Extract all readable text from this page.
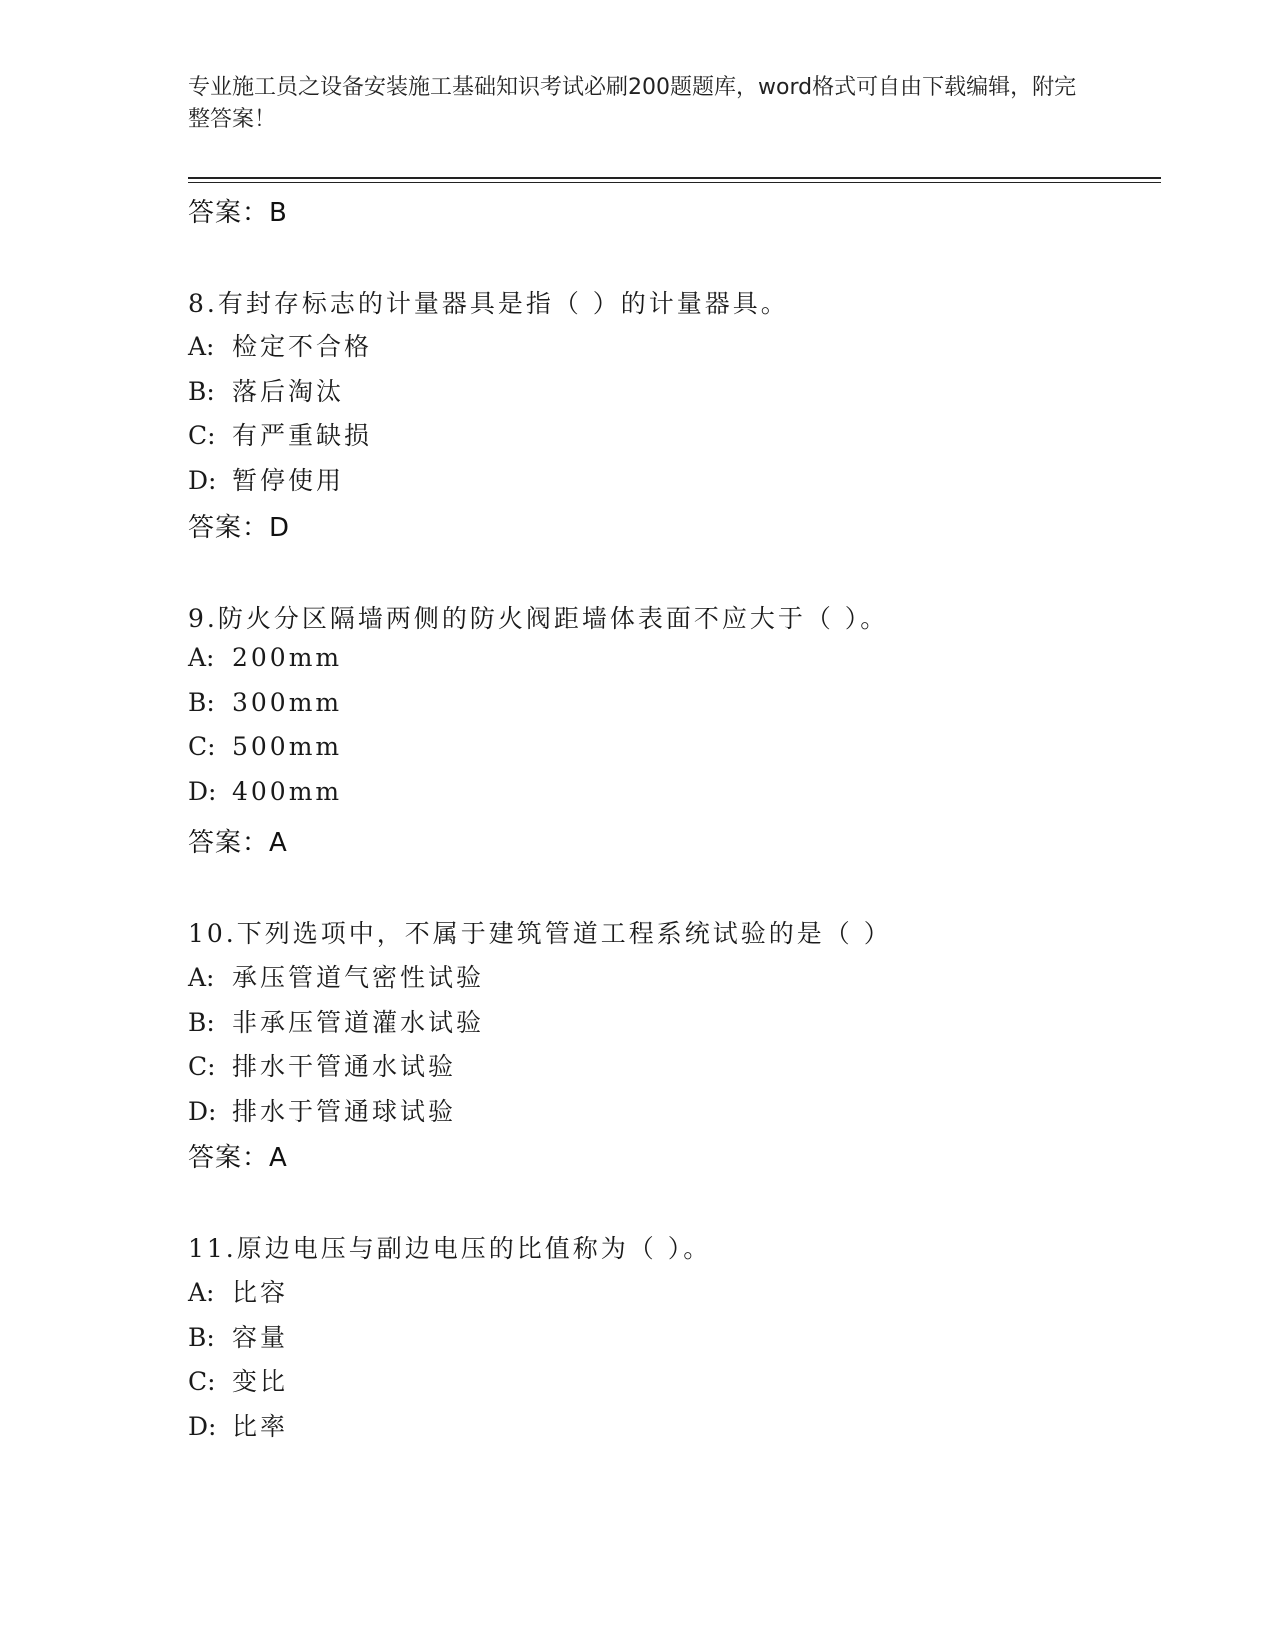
专业施工员之设备安装施工基础知识考试必刷200题题库，word格式可自由下载编辑，附完整答案！
答案：B
8.有封存标志的计量器具是指（ ）的计量器具。
A: 检定不合格
B: 落后淘汰
C: 有严重缺损
D: 暂停使用
答案：D
9.防火分区隔墙两侧的防火阀距墙体表面不应大于（ ）。
A: 200mm
B: 300mm
C: 500mm
D: 400mm
答案：A
10.下列选项中，不属于建筑管道工程系统试验的是（ ）
A: 承压管道气密性试验
B: 非承压管道灌水试验
C: 排水干管通水试验
D: 排水于管通球试验
答案：A
11.原边电压与副边电压的比值称为（ ）。
A: 比容
B: 容量
C: 变比
D: 比率
